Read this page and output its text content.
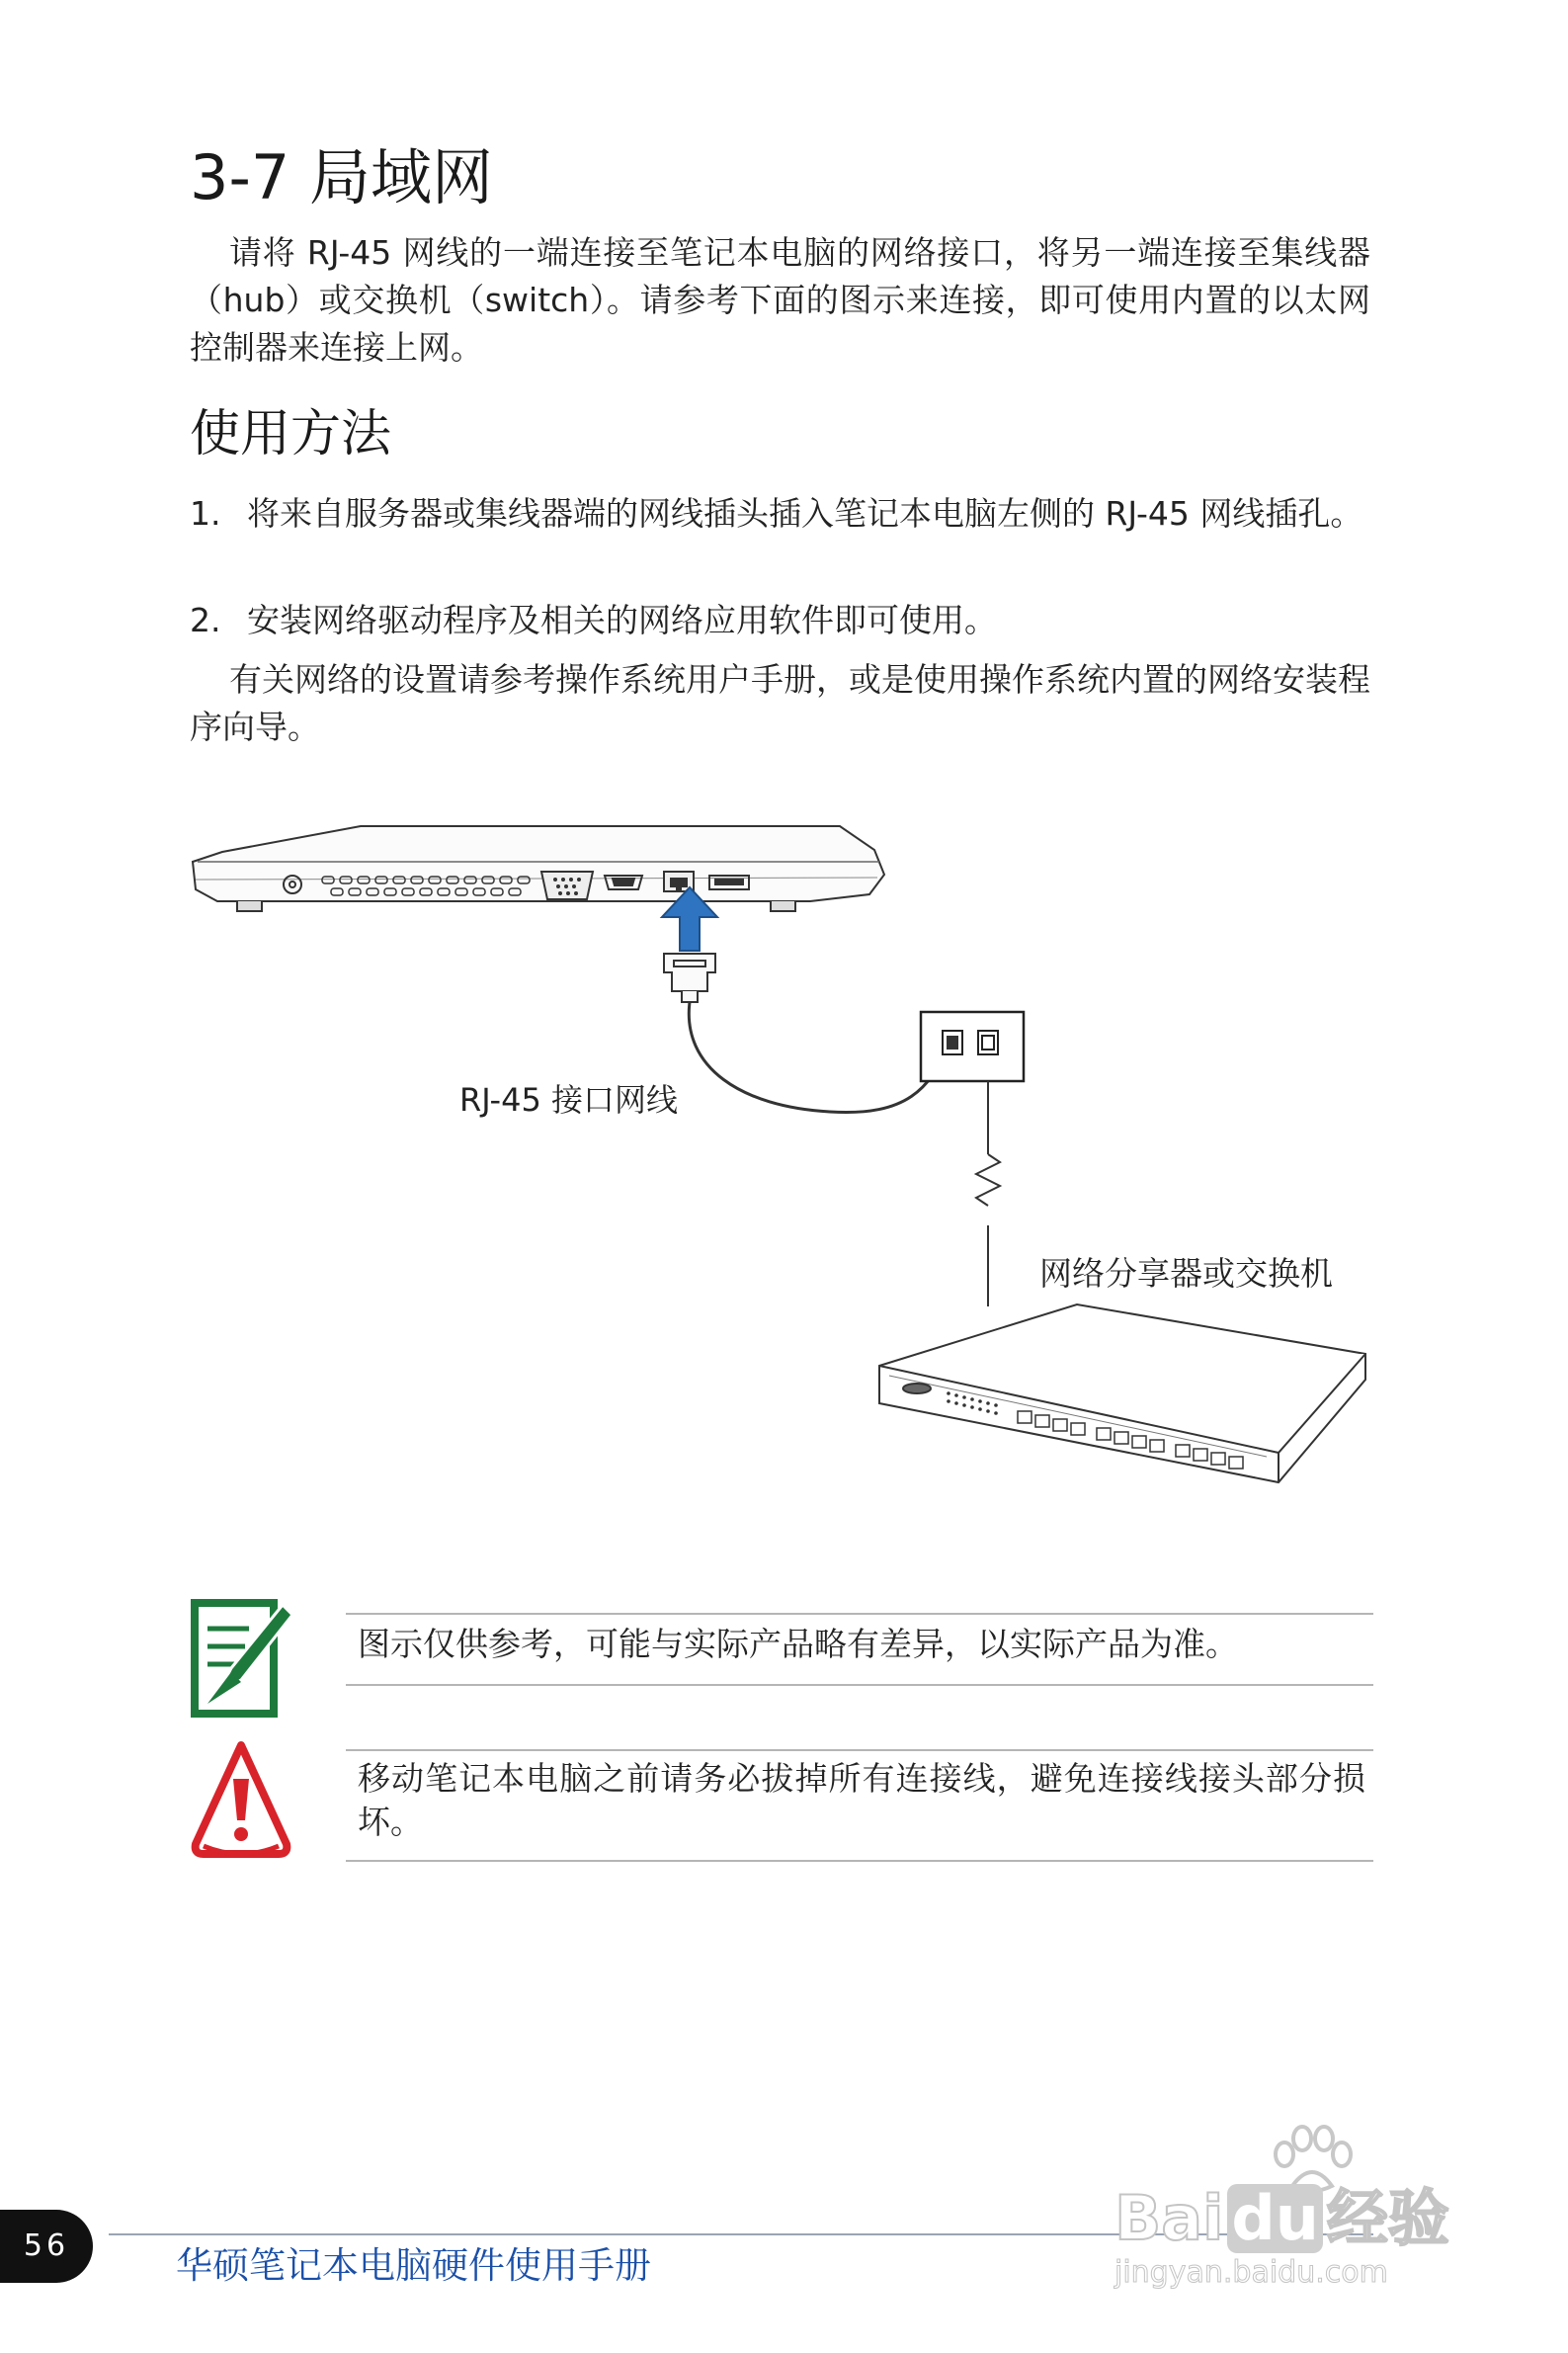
3-7 局域网

请将 RJ-45 网线的一端连接至笔记本电脑的网络接口，将另一端连接至集线器（hub）或交换机（switch）。请参考下面的图示来连接，即可使用内置的以太网控制器来连接上网。

使用方法
1. 将来自服务器或集线器端的网线插头插入笔记本电脑左侧的 RJ-45 网线插孔。
2. 安装网络驱动程序及相关的网络应用软件即可使用。

有关网络的设置请参考操作系统用户手册，或是使用操作系统内置的网络安装程序向导。

RJ-45 接口网线
网络分享器或交换机
图示仅供参考，可能与实际产品略有差异，以实际产品为准。
移动笔记本电脑之前请务必拔掉所有连接线，避免连接线接头部分损坏。
56	华硕笔记本电脑硬件使用手册
Bai du 经验
jingyan.baidu.com
